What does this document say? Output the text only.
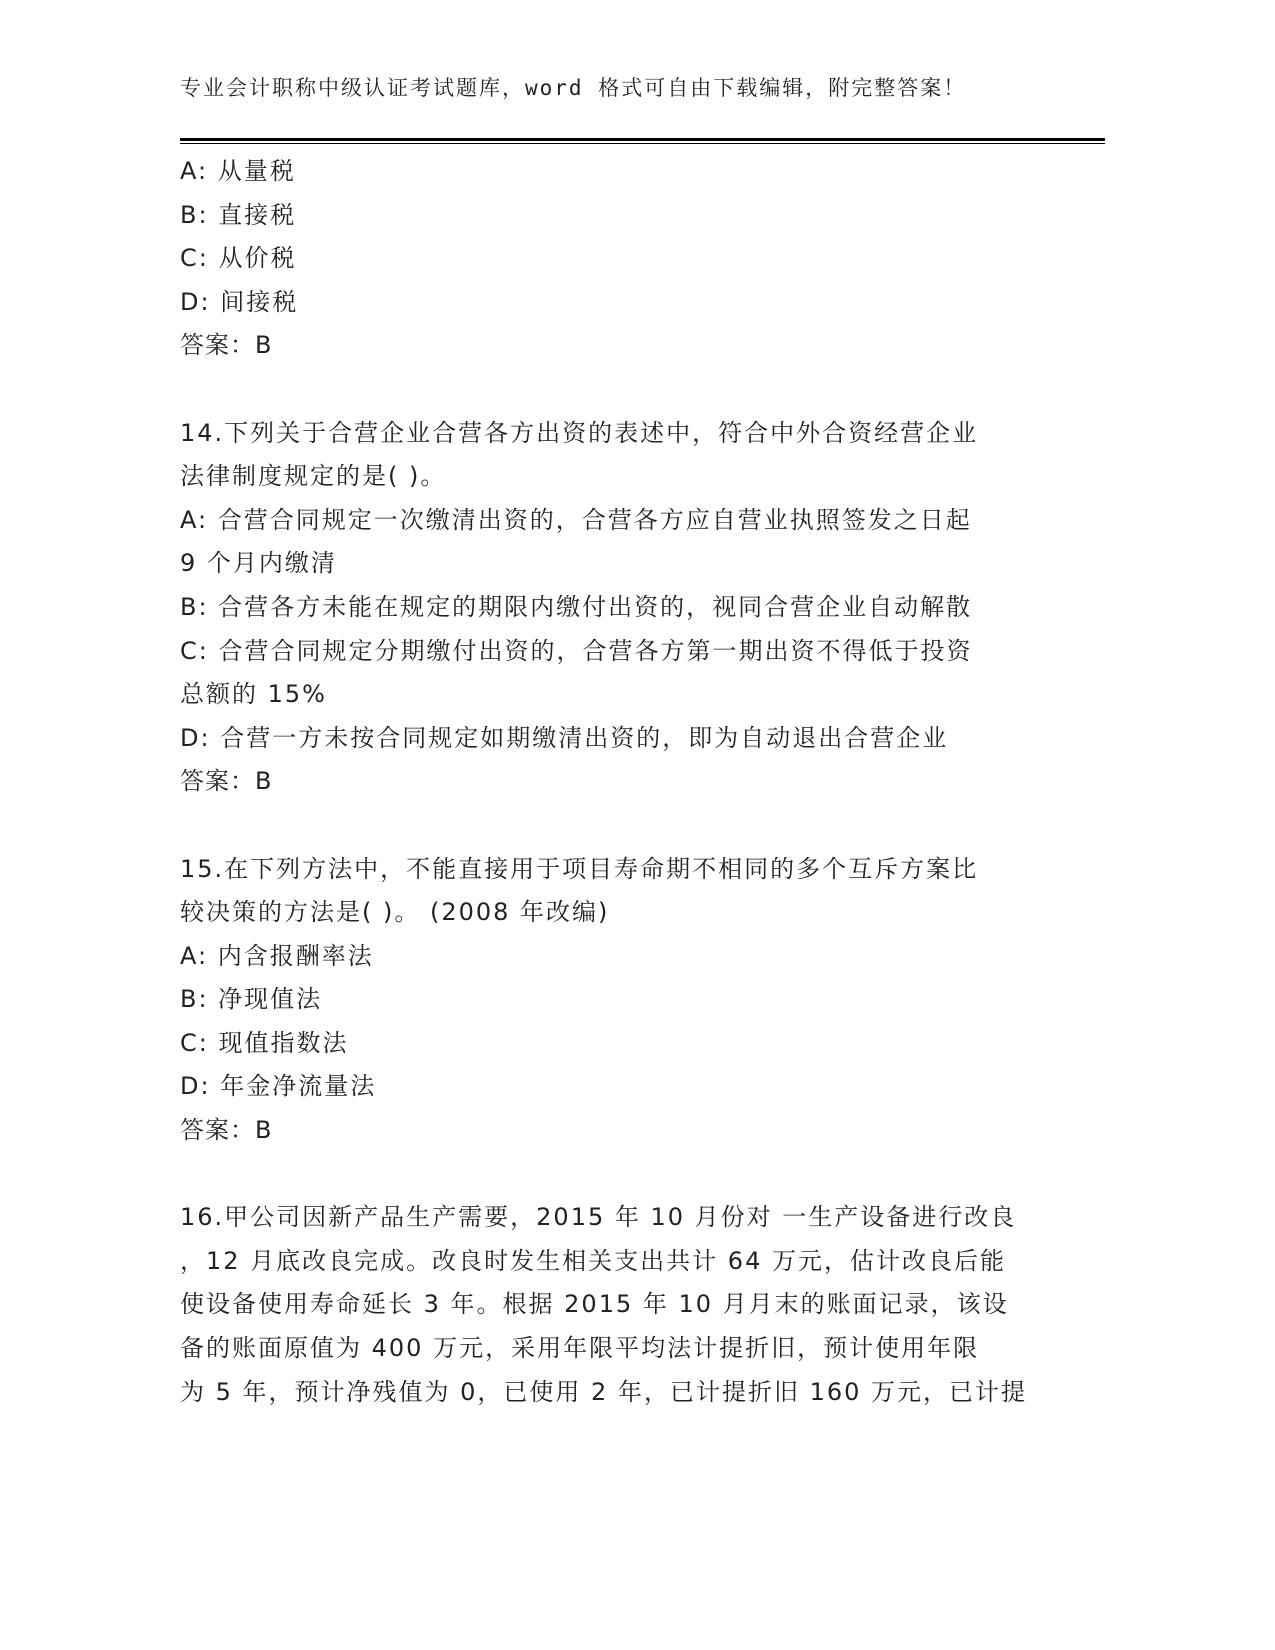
专业会计职称中级认证考试题库，word 格式可自由下载编辑，附完整答案！
A: 从量税
B: 直接税
C: 从价税
D: 间接税
答案：B
14.下列关于合营企业合营各方出资的表述中，符合中外合资经营企业
法律制度规定的是( )。
A: 合营合同规定一次缴清出资的，合营各方应自营业执照签发之日起
9 个月内缴清
B: 合营各方未能在规定的期限内缴付出资的，视同合营企业自动解散
C: 合营合同规定分期缴付出资的，合营各方第一期出资不得低于投资
总额的 15%
D: 合营一方未按合同规定如期缴清出资的，即为自动退出合营企业
答案：B
15.在下列方法中，不能直接用于项目寿命期不相同的多个互斥方案比
较决策的方法是( )。 (2008 年改编)
A: 内含报酬率法
B: 净现值法
C: 现值指数法
D: 年金净流量法
答案：B
16.甲公司因新产品生产需要，2015 年 10 月份对 一生产设备进行改良
，12 月底改良完成。改良时发生相关支出共计 64 万元，估计改良后能
使设备使用寿命延长 3 年。根据 2015 年 10 月月末的账面记录，该设
备的账面原值为 400 万元，采用年限平均法计提折旧，预计使用年限
为 5 年，预计净残值为 0，已使用 2 年，已计提折旧 160 万元，已计提
